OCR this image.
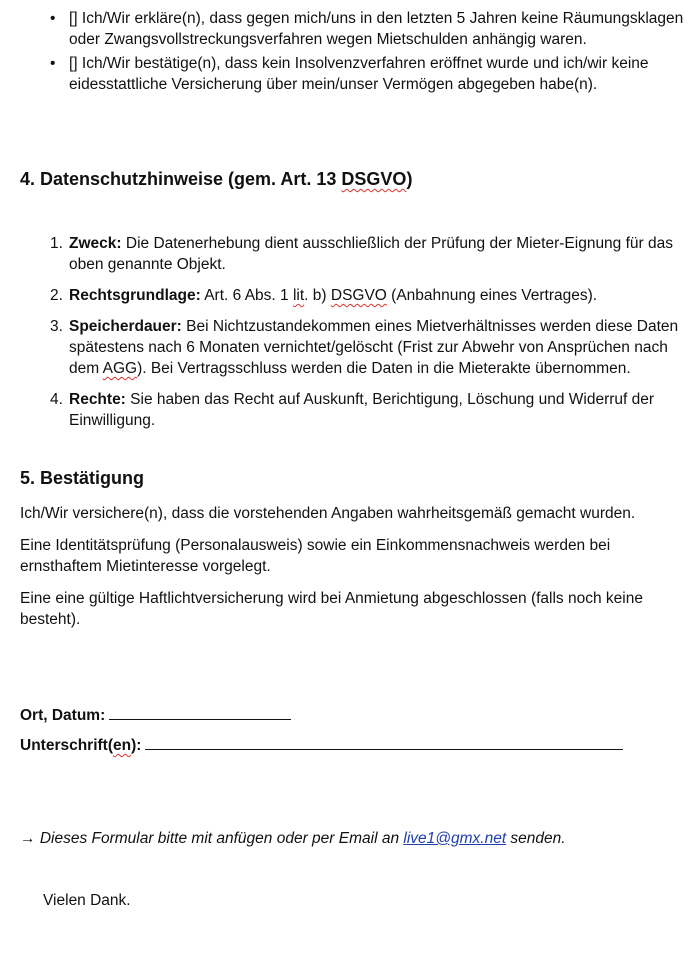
• [] Ich/Wir erkläre(n), dass gegen mich/uns in den letzten 5 Jahren keine Räumungsklagen oder Zwangsvollstreckungsverfahren wegen Mietschulden anhängig waren.
• [] Ich/Wir bestätige(n), dass kein Insolvenzverfahren eröffnet wurde und ich/wir keine eidesstattliche Versicherung über mein/unser Vermögen abgegeben habe(n).
4. Datenschutzhinweise (gem. Art. 13 DSGVO)
1. Zweck: Die Datenerhebung dient ausschließlich der Prüfung der Mieter-Eignung für das oben genannte Objekt.
2. Rechtsgrundlage: Art. 6 Abs. 1 lit. b) DSGVO (Anbahnung eines Vertrages).
3. Speicherdauer: Bei Nichtzustandekommen eines Mietverhältnisses werden diese Daten spätestens nach 6 Monaten vernichtet/gelöscht (Frist zur Abwehr von Ansprüchen nach dem AGG). Bei Vertragsschluss werden die Daten in die Mieterakte übernommen.
4. Rechte: Sie haben das Recht auf Auskunft, Berichtigung, Löschung und Widerruf der Einwilligung.
5. Bestätigung

Ich/Wir versichere(n), dass die vorstehenden Angaben wahrheitsgemäß gemacht wurden.

Eine Identitätsprüfung (Personalausweis) sowie ein Einkommensnachweis werden bei ernsthaftem Mietinteresse vorgelegt.

Eine eine gültige Haftlichtversicherung wird bei Anmietung abgeschlossen (falls noch keine besteht).

Ort, Datum:
Unterschrift(en):
→ Dieses Formular bitte mit anfügen oder per Email an live1@gmx.net senden.
Vielen Dank.
